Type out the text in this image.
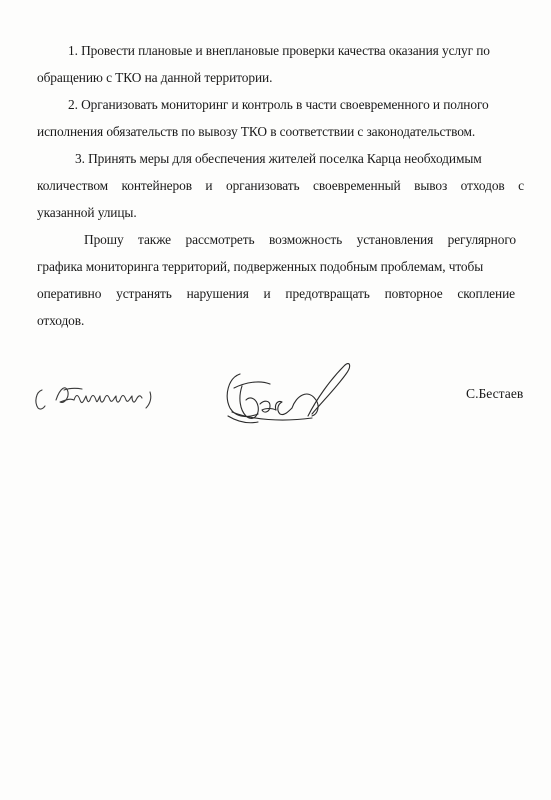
1. Провести плановые и внеплановые проверки качества оказания услуг по
обращению с ТКО на данной территории.
2. Организовать мониторинг и контроль в части своевременного и полного
исполнения обязательств по вывозу ТКО в соответствии с законодательством.
3. Принять меры для обеспечения жителей поселка Карца необходимым
количеством контейнеров и организовать своевременный вывоз отходов с
указанной улицы.
Прошу также рассмотреть возможность установления регулярного
графика мониторинга территорий, подверженных подобным проблемам, чтобы
оперативно устранять нарушения и предотвращать повторное скопление
отходов.
С.Бестаев
